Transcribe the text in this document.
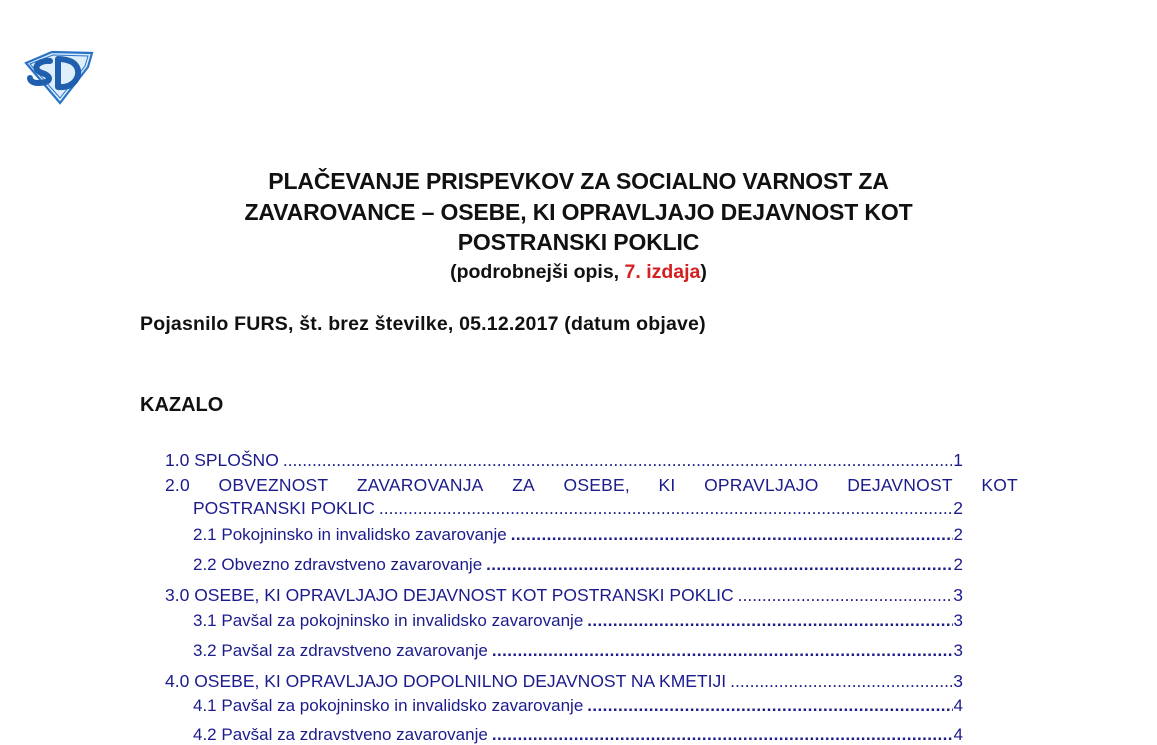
PLAČEVANJE PRISPEVKOV ZA SOCIALNO VARNOST ZA
ZAVAROVANCE – OSEBE, KI OPRAVLJAJO DEJAVNOST KOT
POSTRANSKI POKLIC
(podrobnejši opis, 7. izdaja)
Pojasnilo FURS, št. brez številke, 05.12.2017 (datum objave)
KAZALO
1.0 SPLOŠNO .....	1
2.0 OBVEZNOST ZAVAROVANJA ZA OSEBE, KI OPRAVLJAJO DEJAVNOST KOT
POSTRANSKI POKLIC .....	2
2.1 Pokojninsko in invalidsko zavarovanje .....	2
2.2 Obvezno zdravstveno zavarovanje .....	2
3.0 OSEBE, KI OPRAVLJAJO DEJAVNOST KOT POSTRANSKI POKLIC .....	3
3.1 Pavšal za pokojninsko in invalidsko zavarovanje .....	3
3.2 Pavšal za zdravstveno zavarovanje .....	3
4.0 OSEBE, KI OPRAVLJAJO DOPOLNILNO DEJAVNOST NA KMETIJI .....	3
4.1 Pavšal za pokojninsko in invalidsko zavarovanje .....	4
4.2 Pavšal za zdravstveno zavarovanje .....	4
